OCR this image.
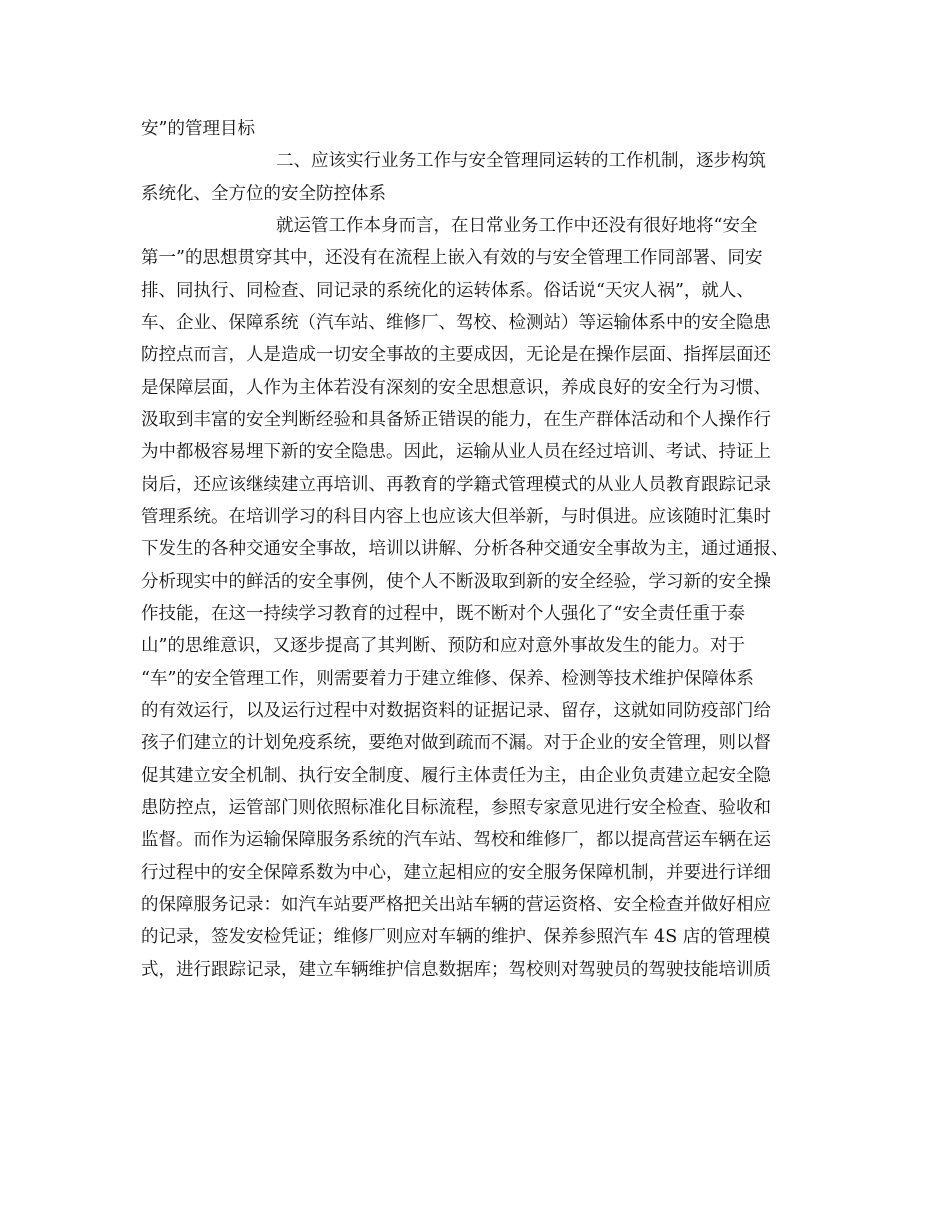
安”的管理目标
二、应该实行业务工作与安全管理同运转的工作机制，逐步构筑
系统化、全方位的安全防控体系
就运管工作本身而言，在日常业务工作中还没有很好地将“安全
第一”的思想贯穿其中，还没有在流程上嵌入有效的与安全管理工作同部署、同安
排、同执行、同检查、同记录的系统化的运转体系。俗话说“天灾人祸”，就人、
车、企业、保障系统（汽车站、维修厂、驾校、检测站）等运输体系中的安全隐患
防控点而言，人是造成一切安全事故的主要成因，无论是在操作层面、指挥层面还
是保障层面，人作为主体若没有深刻的安全思想意识，养成良好的安全行为习惯、
汲取到丰富的安全判断经验和具备矫正错误的能力，在生产群体活动和个人操作行
为中都极容易埋下新的安全隐患。因此，运输从业人员在经过培训、考试、持证上
岗后，还应该继续建立再培训、再教育的学籍式管理模式的从业人员教育跟踪记录
管理系统。在培训学习的科目内容上也应该大但举新，与时俱进。应该随时汇集时
下发生的各种交通安全事故，培训以讲解、分析各种交通安全事故为主，通过通报、
分析现实中的鲜活的安全事例，使个人不断汲取到新的安全经验，学习新的安全操
作技能，在这一持续学习教育的过程中，既不断对个人强化了“安全责任重于泰
山”的思维意识，又逐步提高了其判断、预防和应对意外事故发生的能力。对于
“车”的安全管理工作，则需要着力于建立维修、保养、检测等技术维护保障体系
的有效运行，以及运行过程中对数据资料的证据记录、留存，这就如同防疫部门给
孩子们建立的计划免疫系统，要绝对做到疏而不漏。对于企业的安全管理，则以督
促其建立安全机制、执行安全制度、履行主体责任为主，由企业负责建立起安全隐
患防控点，运管部门则依照标准化目标流程，参照专家意见进行安全检查、验收和
监督。而作为运输保障服务系统的汽车站、驾校和维修厂，都以提高营运车辆在运
行过程中的安全保障系数为中心，建立起相应的安全服务保障机制，并要进行详细
的保障服务记录：如汽车站要严格把关出站车辆的营运资格、安全检查并做好相应
的记录，签发安检凭证；维修厂则应对车辆的维护、保养参照汽车 4S 店的管理模
式，进行跟踪记录，建立车辆维护信息数据库；驾校则对驾驶员的驾驶技能培训质
